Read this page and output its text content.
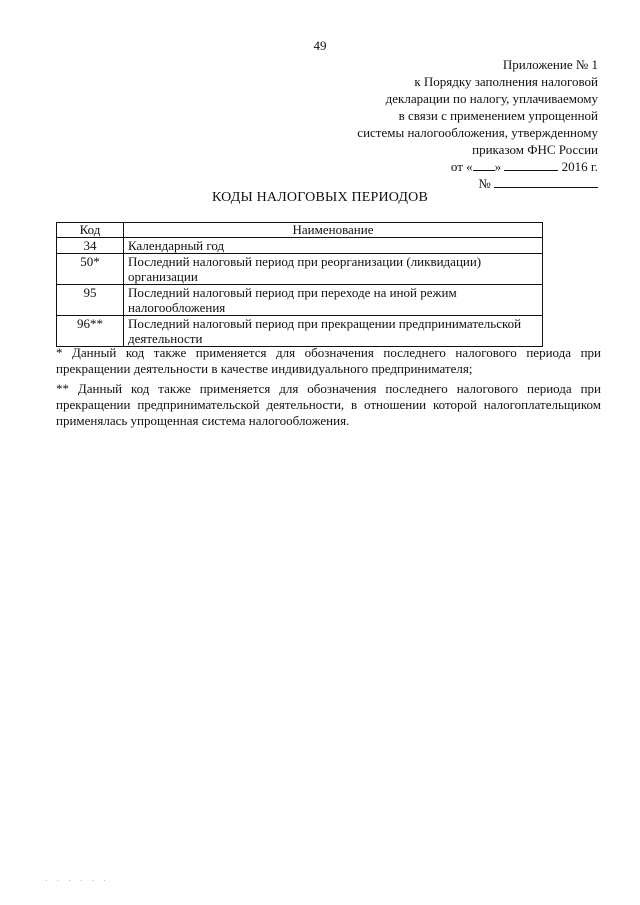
49
Приложение № 1
к Порядку заполнения налоговой
декларации по налогу, уплачиваемому
в связи с применением упрощенной
системы налогообложения, утвержденному
приказом ФНС России
от « »	2016 г.
№
КОДЫ НАЛОГОВЫХ ПЕРИОДОВ
Код	Наименование
34	Календарный год
50*	Последний налоговый период при реорганизации (ликвидации) организации
95	Последний налоговый период при переходе на иной режим налогообложения
96**	Последний налоговый период при прекращении предпринимательской деятельности

* Данный код также применяется для обозначения последнего налогового периода при прекращении деятельности в качестве индивидуального предпринимателя;

** Данный код также применяется для обозначения последнего налогового периода при прекращении предпринимательской деятельности, в отношении которой налогоплательщиком применялась упрощенная система налогообложения.

· · · · · ·
